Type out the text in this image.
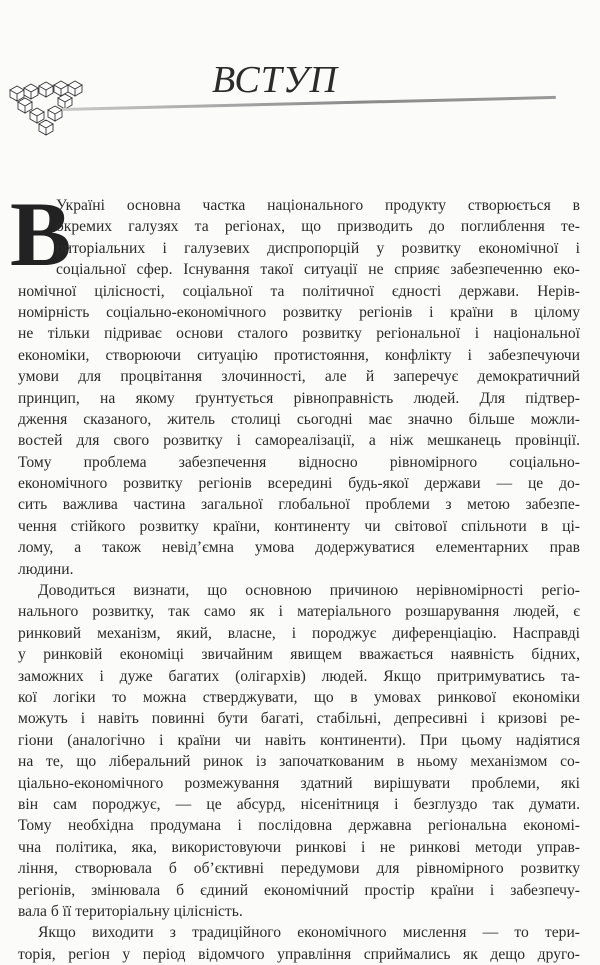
ВСТУП
В
Україні основна частка національного продукту створюється в
окремих галузях та регіонах, що призводить до поглиблення те-
риторіальних і галузевих диспропорцій у розвитку економічної і
соціальної сфер. Існування такої ситуації не сприяє забезпеченню еко-
номічної цілісності, соціальної та політичної єдності держави. Нерів-
номірність соціально-економічного розвитку регіонів і країни в цілому
не тільки підриває основи сталого розвитку регіональної і національної
економіки, створюючи ситуацію протистояння, конфлікту і забезпечуючи
умови для процвітання злочинності, але й заперечує демократичний
принцип, на якому ґрунтується рівноправність людей. Для підтвер-
дження сказаного, житель столиці сьогодні має значно більше можли-
востей для свого розвитку і самореалізації, а ніж мешканець провінції.
Тому проблема забезпечення відносно рівномірного соціально-
економічного розвитку регіонів всередині будь-якої держави — це до-
сить важлива частина загальної глобальної проблеми з метою забезпе-
чення стійкого розвитку країни, континенту чи світової спільноти в ці-
лому, а також невід’ємна умова додержуватися елементарних прав
людини.
Доводиться визнати, що основною причиною нерівномірності регіо-
нального розвитку, так само як і матеріального розшарування людей, є
ринковий механізм, який, власне, і породжує диференціацію. Насправді
у ринковій економіці звичайним явищем вважається наявність бідних,
заможних і дуже багатих (олігархів) людей. Якщо притримуватись та-
кої логіки то можна стверджувати, що в умовах ринкової економіки
можуть і навіть повинні бути багаті, стабільні, депресивні і кризові ре-
гіони (аналогічно і країни чи навіть континенти). При цьому надіятися
на те, що ліберальний ринок із започаткованим в ньому механізмом со-
ціально-економічного розмежування здатний вирішувати проблеми, які
він сам породжує, — це абсурд, нісенітниця і безглуздо так думати.
Тому необхідна продумана і послідовна державна регіональна економі-
чна політика, яка, використовуючи ринкові і не ринкові методи управ-
ління, створювала б об’єктивні передумови для рівномірного розвитку
регіонів, змінювала б єдиний економічний простір країни і забезпечу-
вала б її територіальну цілісність.
Якщо виходити з традиційного економічного мислення — то тери-
торія, регіон у період відомчого управління сприймались як дещо друго-
